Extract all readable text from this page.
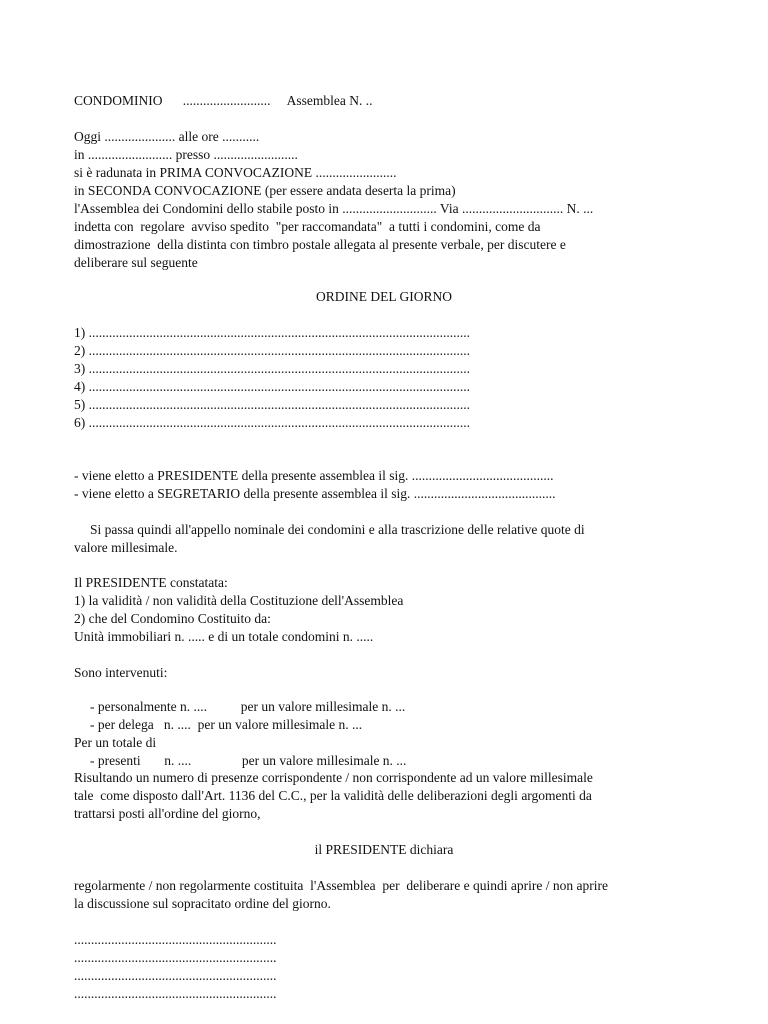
CONDOMINIO      ..........................     Assemblea N. ..
Oggi ..................... alle ore ...........
in ......................... presso .........................
si è radunata in PRIMA CONVOCAZIONE ........................
in SECONDA CONVOCAZIONE (per essere andata deserta la prima)
l'Assemblea dei Condomini dello stabile posto in ............................ Via .............................. N. ...
indetta con  regolare  avviso spedito  "per raccomandata"  a tutti i condomini, come da
dimostrazione  della distinta con timbro postale allegata al presente verbale, per discutere e
deliberare sul seguente
ORDINE DEL GIORNO
1) .................................................................................................................
2) .................................................................................................................
3) .................................................................................................................
4) .................................................................................................................
5) .................................................................................................................
6) .................................................................................................................
- viene eletto a PRESIDENTE della presente assemblea il sig. ..........................................
- viene eletto a SEGRETARIO della presente assemblea il sig. ..........................................
Si passa quindi all'appello nominale dei condomini e alla trascrizione delle relative quote di
valore millesimale.
Il PRESIDENTE constatata:
1) la validità / non validità della Costituzione dell'Assemblea
2) che del Condomino Costituito da:
Unità immobiliari n. ..... e di un totale condomini n. .....
Sono intervenuti:
- personalmente n. ....          per un valore millesimale n. ...
- per delega   n. ....  per un valore millesimale n. ...
Per un totale di
- presenti       n. ....               per un valore millesimale n. ...
Risultando un numero di presenze corrispondente / non corrispondente ad un valore millesimale
tale  come disposto dall'Art. 1136 del C.C., per la validità delle deliberazioni degli argomenti da
trattarsi posti all'ordine del giorno,
il PRESIDENTE dichiara
regolarmente / non regolarmente costituita  l'Assemblea  per  deliberare e quindi aprire / non aprire
la discussione sul sopracitato ordine del giorno.
............................................................
............................................................
............................................................
............................................................
